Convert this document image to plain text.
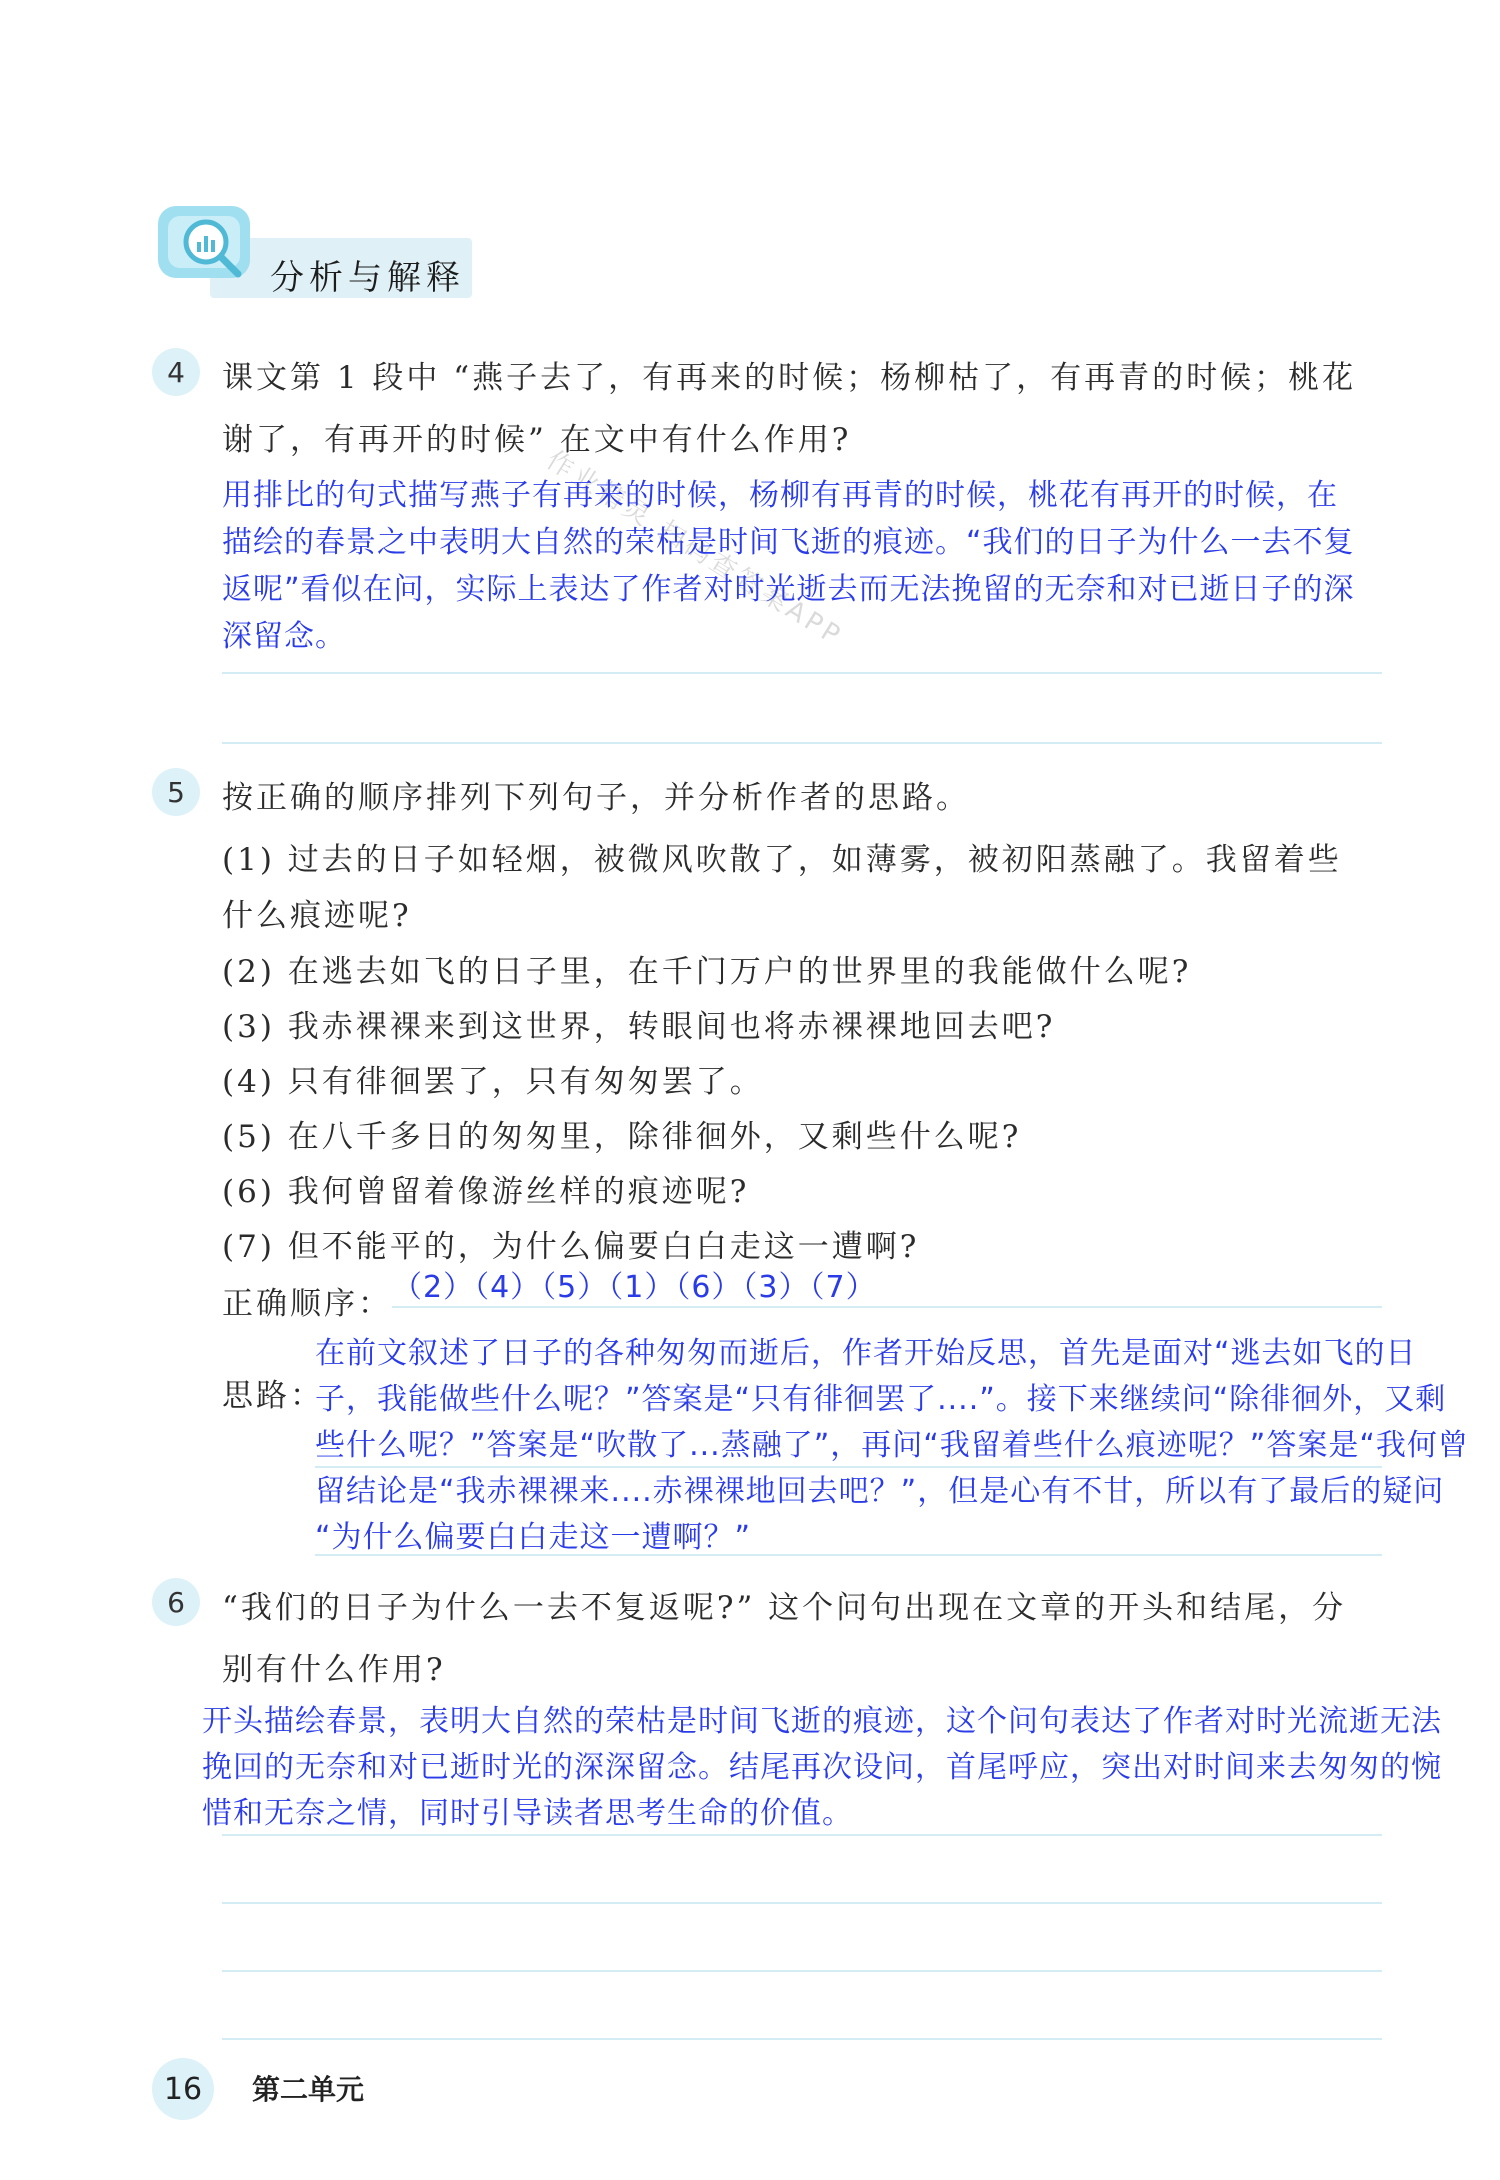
分析与解释
作业精灵 扫码查答案APP
4	课文第 1 段中 “燕子去了，有再来的时候；杨柳枯了，有再青的时候；桃花
谢了，有再开的时候” 在文中有什么作用?
用排比的句式描写燕子有再来的时候，杨柳有再青的时候，桃花有再开的时候，在
描绘的春景之中表明大自然的荣枯是时间飞逝的痕迹。“我们的日子为什么一去不复
返呢”看似在问，实际上表达了作者对时光逝去而无法挽留的无奈和对已逝日子的深
深留念。
5	按正确的顺序排列下列句子，并分析作者的思路。
(1) 过去的日子如轻烟，被微风吹散了，如薄雾，被初阳蒸融了。我留着些
什么痕迹呢?
(2) 在逃去如飞的日子里，在千门万户的世界里的我能做什么呢?
(3) 我赤裸裸来到这世界，转眼间也将赤裸裸地回去吧?
(4) 只有徘徊罢了，只有匆匆罢了。
(5) 在八千多日的匆匆里，除徘徊外，又剩些什么呢?
(6) 我何曾留着像游丝样的痕迹呢?
(7) 但不能平的，为什么偏要白白走这一遭啊?
正确顺序： （2）（4）（5）（1）（6）（3）（7）
思路：
在前文叙述了日子的各种匆匆而逝后，作者开始反思，首先是面对“逃去如飞的日
子，我能做些什么呢？”答案是“只有徘徊罢了....”。接下来继续问“除徘徊外，又剩
些什么呢？”答案是“吹散了...蒸融了”，再问“我留着些什么痕迹呢？”答案是“我何曾
留结论是“我赤裸裸来....赤裸裸地回去吧？”，但是心有不甘，所以有了最后的疑问
“为什么偏要白白走这一遭啊？”
6	“我们的日子为什么一去不复返呢?” 这个问句出现在文章的开头和结尾，分
别有什么作用?
开头描绘春景，表明大自然的荣枯是时间飞逝的痕迹，这个问句表达了作者对时光流逝无法
挽回的无奈和对已逝时光的深深留念。结尾再次设问，首尾呼应，突出对时间来去匆匆的惋
惜和无奈之情，同时引导读者思考生命的价值。
16	第二单元
